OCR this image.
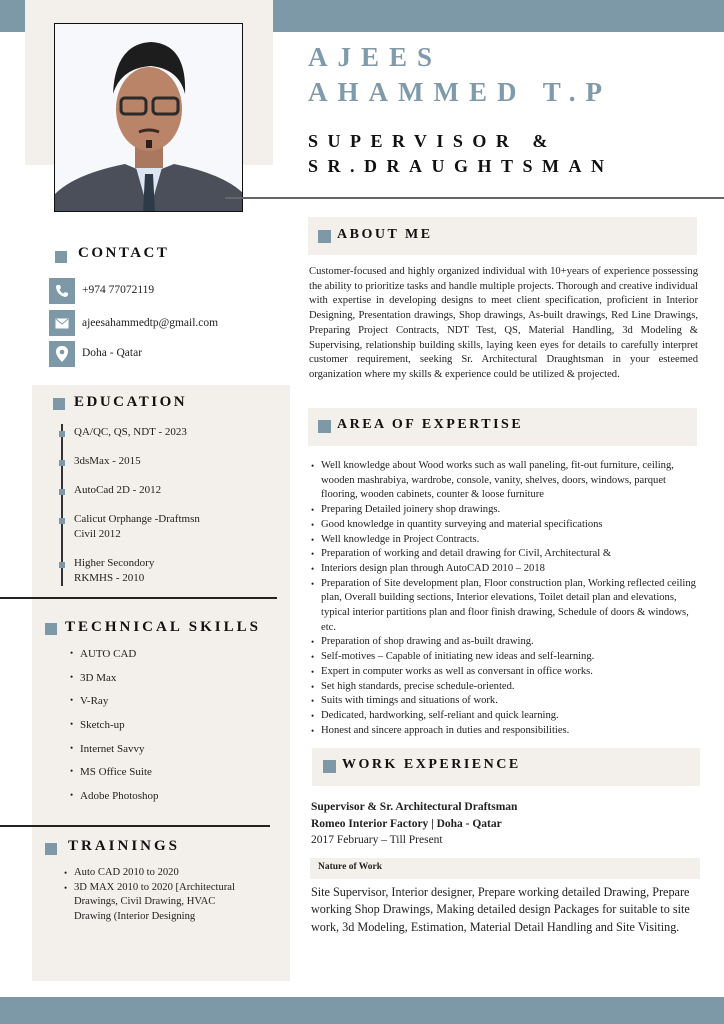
AJEES
AHAMMED T.P
SUPERVISOR &
SR.DRAUGHTSMAN
CONTACT
+974 77072119
ajeesahammedtp@gmail.com
Doha - Qatar
EDUCATION
QA/QC, QS, NDT - 2023
3dsMax - 2015
AutoCad 2D - 2012
Calicut Orphange -Draftmsn
Civil 2012
Higher Secondory
RKMHS - 2010
TECHNICAL SKILLS
• AUTO CAD
• 3D Max
• V-Ray
• Sketch-up
• Internet Savvy
• MS Office Suite
• Adobe Photoshop
TRAININGS
• Auto CAD 2010 to 2020
• 3D MAX 2010 to 2020 [Architectural Drawings, Civil Drawing, HVAC Drawing (Interior Designing
ABOUT ME
Customer-focused and highly organized individual with 10+years of experience possessing the ability to prioritize tasks and handle multiple projects. Thorough and creative individual with expertise in developing designs to meet client specification, proficient in Interior Designing, Presentation drawings, Shop drawings, As-built drawings, Red Line Drawings, Preparing Project Contracts, NDT Test, QS, Material Handling, 3d Modeling & Supervising, relationship building skills, laying keen eyes for details to carefully interpret customer requirement, seeking Sr. Architectural Draughtsman in your esteemed organization where my skills & experience could be utilized & projected.
AREA OF EXPERTISE
• Well knowledge about Wood works such as wall paneling, fit-out furniture, ceiling, wooden mashrabiya, wardrobe, console, vanity, shelves, doors, windows, parquet flooring, wooden cabinets, counter & loose furniture
• Preparing Detailed joinery shop drawings.
• Good knowledge in quantity surveying and material specifications
• Well knowledge in Project Contracts.
• Preparation of working and detail drawing for Civil, Architectural &
• Interiors design plan through AutoCAD 2010 – 2018
• Preparation of Site development plan, Floor construction plan, Working reflected ceiling plan, Overall building sections, Interior elevations, Toilet detail plan and elevations, typical interior partitions plan and floor finish drawing, Schedule of doors & windows, etc.
• Preparation of shop drawing and as-built drawing.
• Self-motives – Capable of initiating new ideas and self-learning.
• Expert in computer works as well as conversant in office works.
• Set high standards, precise schedule-oriented.
• Suits with timings and situations of work.
• Dedicated, hardworking, self-reliant and quick learning.
• Honest and sincere approach in duties and responsibilities.
WORK EXPERIENCE
Supervisor & Sr. Architectural Draftsman
Romeo Interior Factory | Doha - Qatar
2017 February – Till Present
Nature of Work
Site Supervisor, Interior designer, Prepare working detailed Drawing, Prepare working Shop Drawings, Making detailed design Packages for suitable to site work, 3d Modeling, Estimation, Material Detail Handling and Site Visiting.
